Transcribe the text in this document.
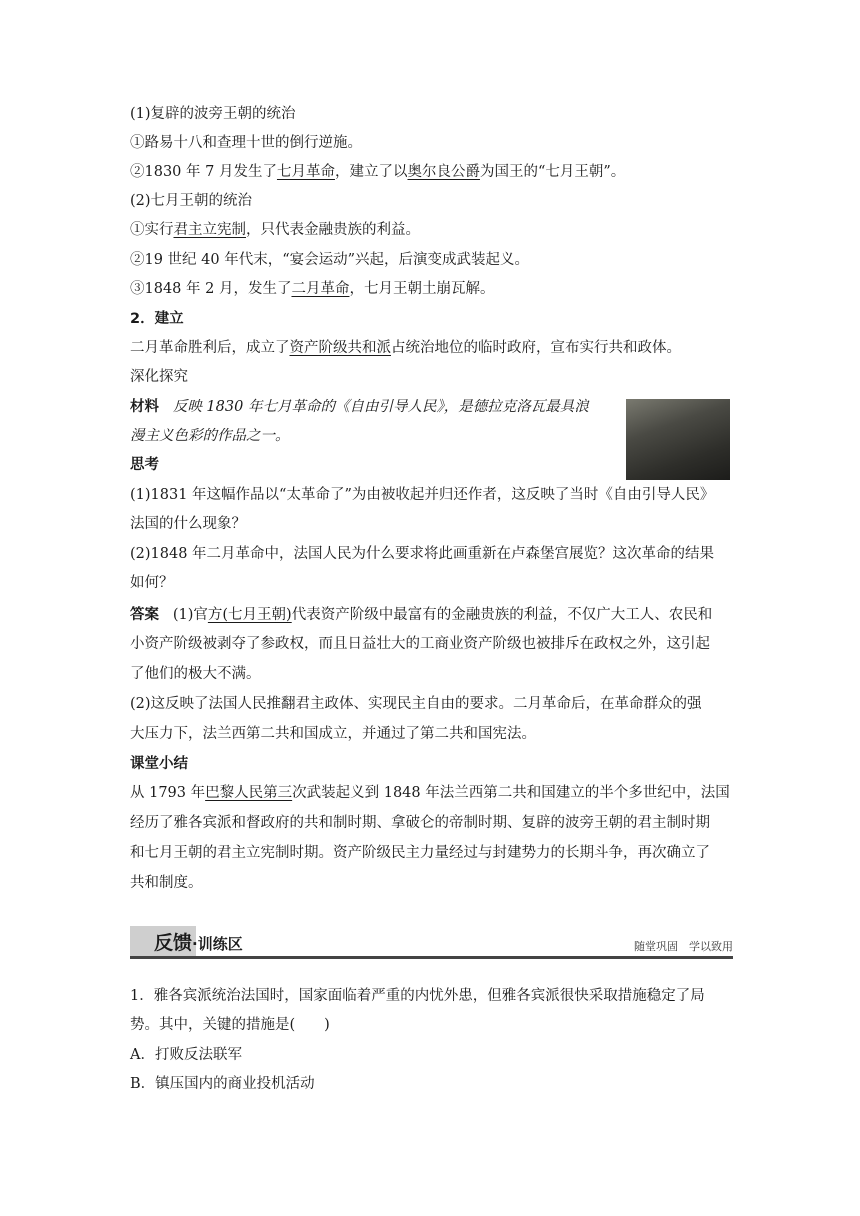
(1)复辟的波旁王朝的统治
①路易十八和查理十世的倒行逆施。
②1830 年 7 月发生了七月革命，建立了以奥尔良公爵为国王的“七月王朝”。
(2)七月王朝的统治
①实行君主立宪制，只代表金融贵族的利益。
②19 世纪 40 年代末，“宴会运动”兴起，后演变成武装起义。
③1848 年 2 月，发生了二月革命，七月王朝土崩瓦解。
2．建立
二月革命胜利后，成立了资产阶级共和派占统治地位的临时政府，宣布实行共和政体。
深化探究
材料 反映 1830 年七月革命的《自由引导人民》，是德拉克洛瓦最具浪
漫主义色彩的作品之一。
思考
(1)1831 年这幅作品以“太革命了”为由被收起并归还作者，这反映了当时《自由引导人民》
法国的什么现象？
(2)1848 年二月革命中，法国人民为什么要求将此画重新在卢森堡宫展览？这次革命的结果
如何？
答案 (1)官方(七月王朝)代表资产阶级中最富有的金融贵族的利益，不仅广大工人、农民和
小资产阶级被剥夺了参政权，而且日益壮大的工商业资产阶级也被排斥在政权之外，这引起
了他们的极大不满。
(2)这反映了法国人民推翻君主政体、实现民主自由的要求。二月革命后，在革命群众的强
大压力下，法兰西第二共和国成立，并通过了第二共和国宪法。
课堂小结
从 1793 年巴黎人民第三次武装起义到 1848 年法兰西第二共和国建立的半个多世纪中，法国
经历了雅各宾派和督政府的共和制时期、拿破仑的帝制时期、复辟的波旁王朝的君主制时期
和七月王朝的君主立宪制时期。资产阶级民主力量经过与封建势力的长期斗争，再次确立了
共和制度。
反馈·训练区	随堂巩固　学以致用
1．雅各宾派统治法国时，国家面临着严重的内忧外患，但雅各宾派很快采取措施稳定了局
势。其中，关键的措施是(　　)
A．打败反法联军
B．镇压国内的商业投机活动
